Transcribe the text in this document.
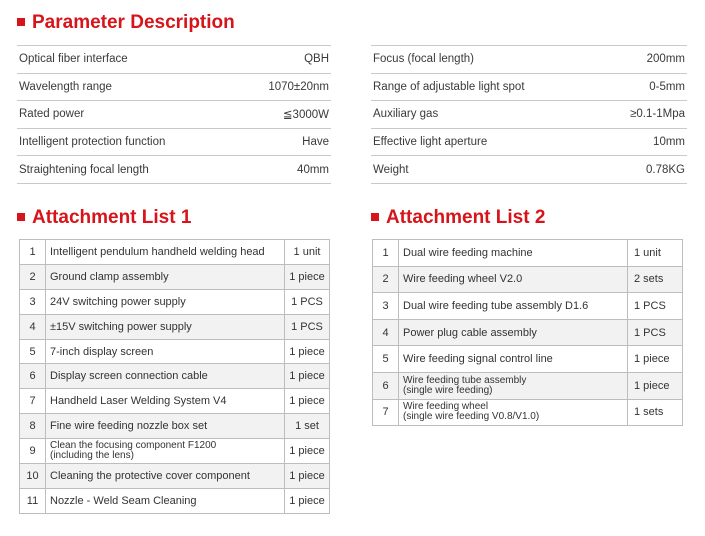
Parameter Description
Optical fiber interface	QBH
Wavelength range	1070±20nm
Rated power	≦3000W
Intelligent protection function	Have
Straightening focal length	40mm
Focus (focal length)	200mm
Range of adjustable light spot	0-5mm
Auxiliary gas	≥0.1-1Mpa
Effective light aperture	10mm
Weight	0.78KG
Attachment List 1	Attachment List 2
1	Intelligent pendulum handheld welding head	1 unit
2	Ground clamp assembly	1 piece
3	24V switching power supply	1 PCS
4	±15V switching power supply	1 PCS
5	7-inch display screen	1 piece
6	Display screen connection cable	1 piece
7	Handheld Laser Welding System V4	1 piece
8	Fine wire feeding nozzle box set	1 set
9	Clean the focusing component F1200
(including the lens)	1 piece
10	Cleaning the protective cover component	1 piece
11	Nozzle - Weld Seam Cleaning	1 piece
1	Dual wire feeding machine	1 unit
2	Wire feeding wheel V2.0	2 sets
3	Dual wire feeding tube assembly D1.6	1 PCS
4	Power plug cable assembly	1 PCS
5	Wire feeding signal control line	1 piece
6	Wire feeding tube assembly
(single wire feeding)	1 piece
7	Wire feeding wheel
(single wire feeding V0.8/V1.0)	1 sets
